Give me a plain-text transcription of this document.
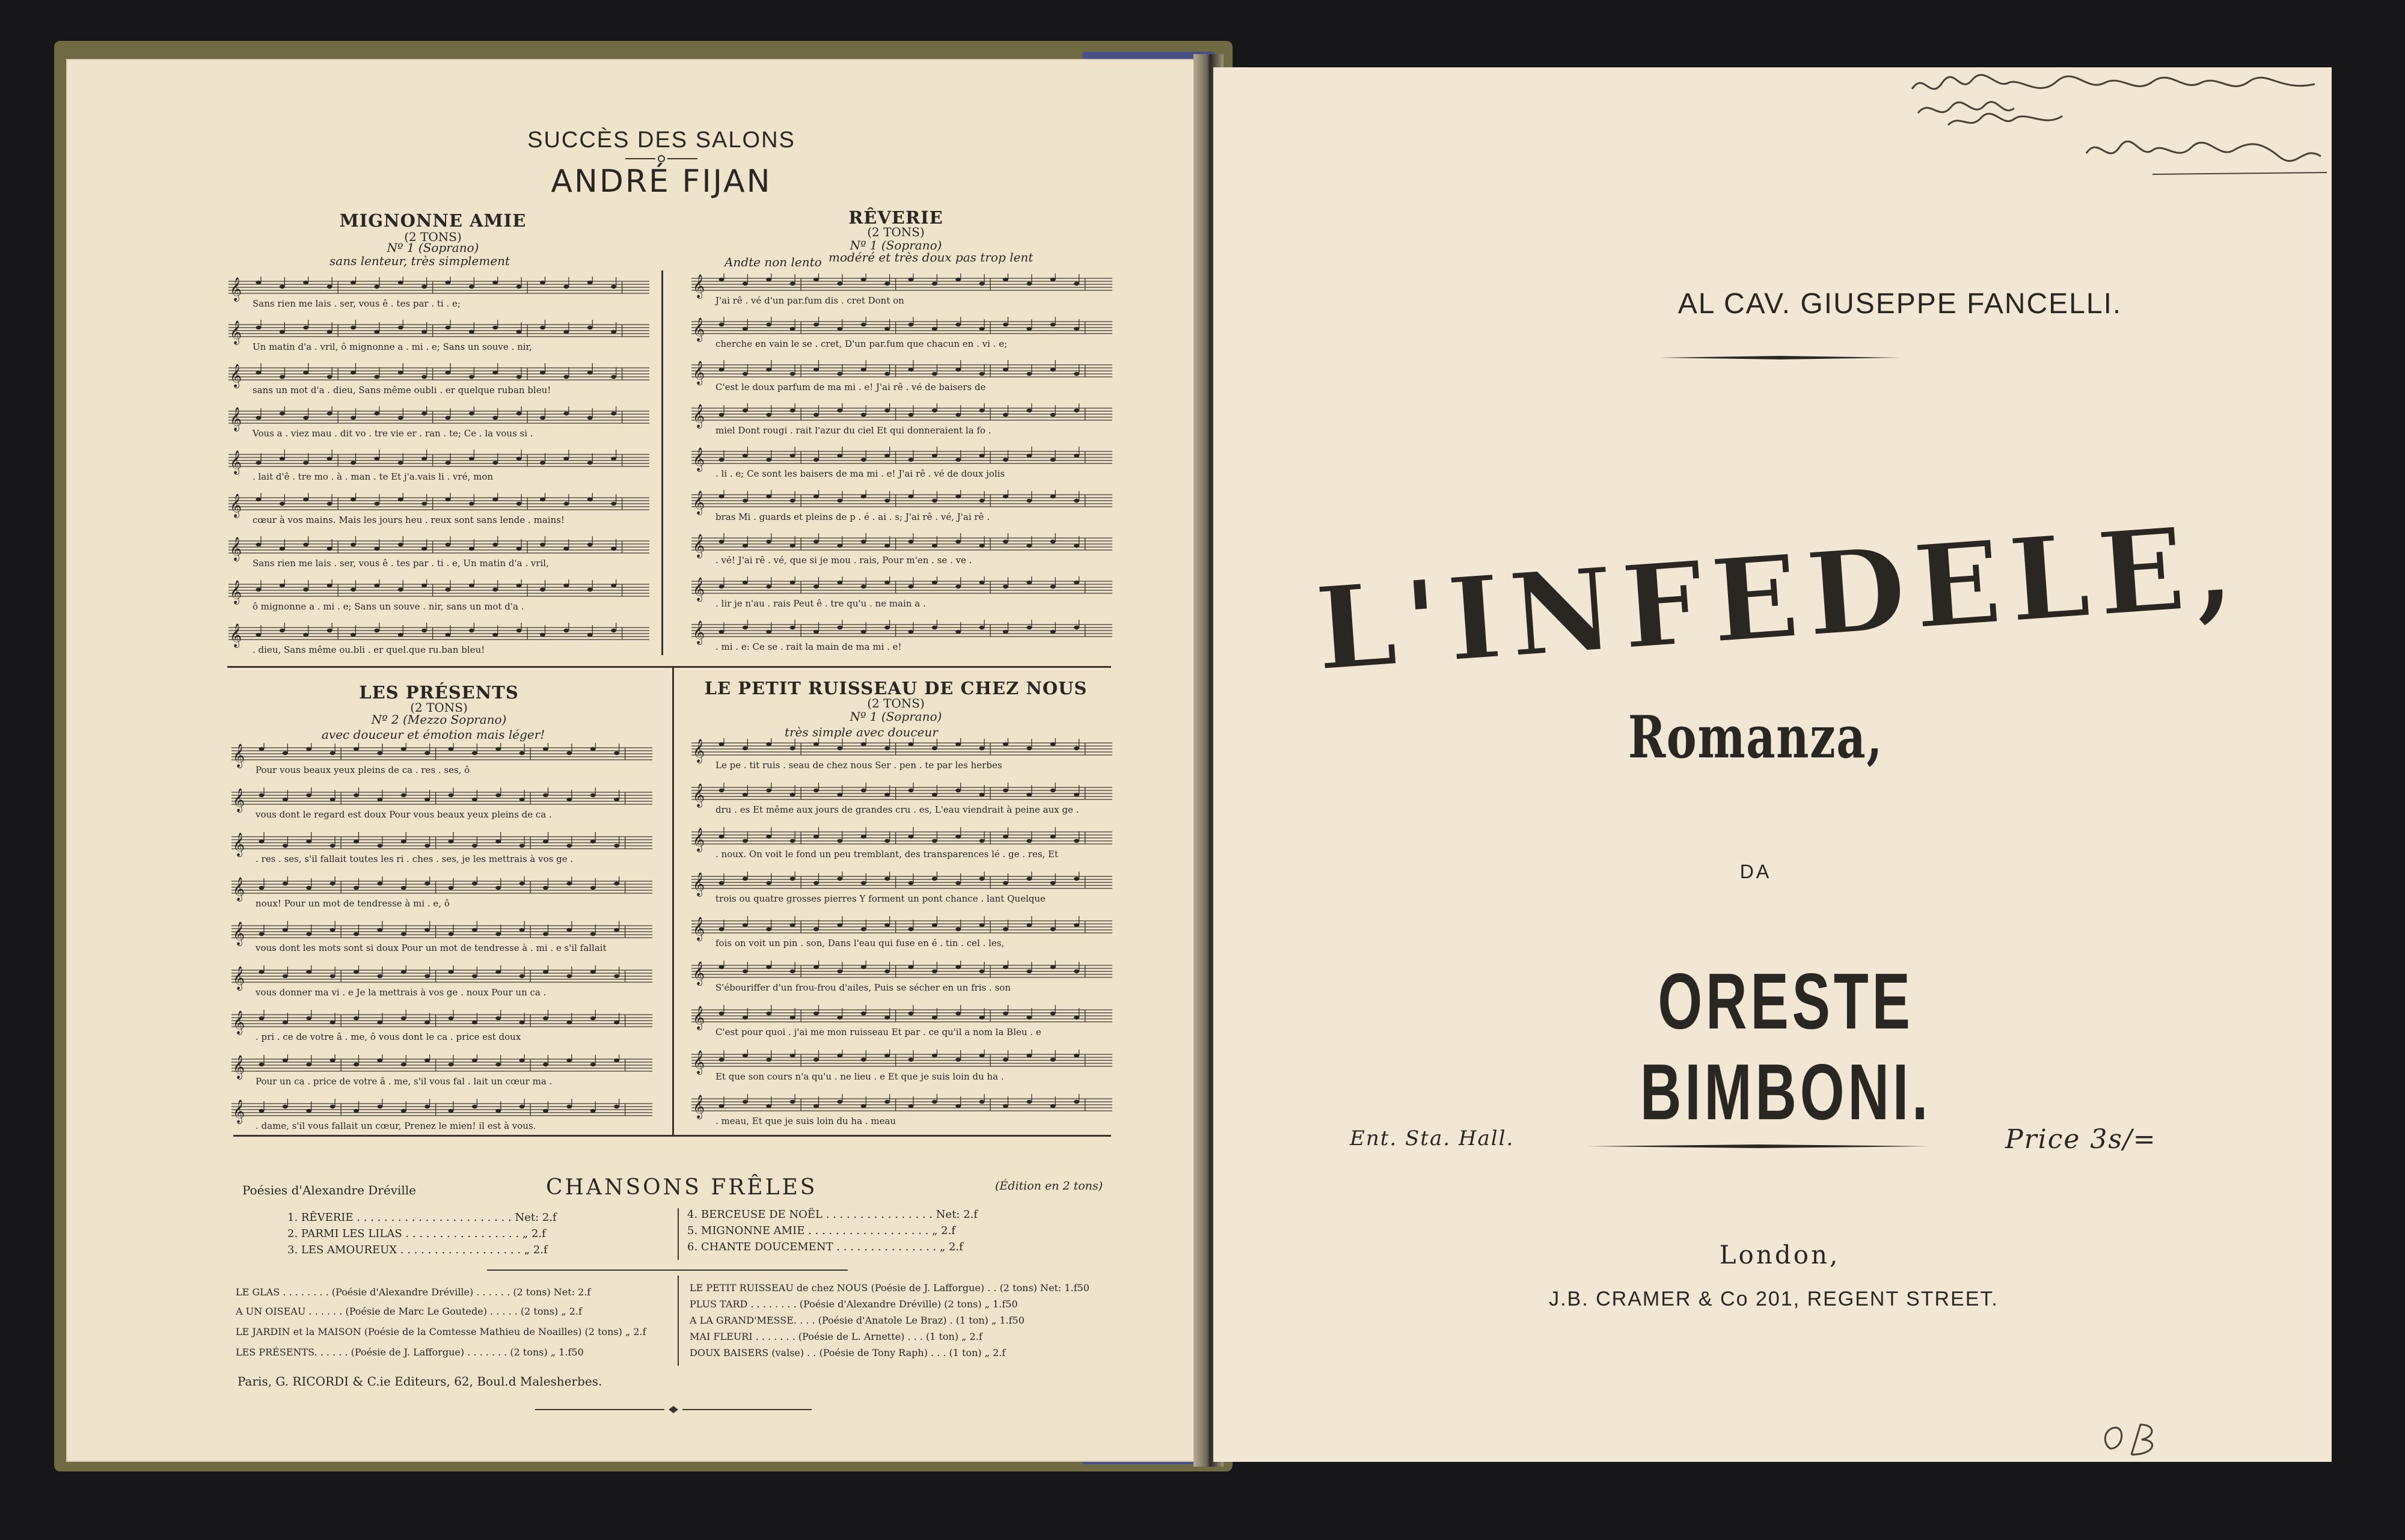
SUCCÈS DES SALONS
ANDRÉ FIJAN
MIGNONNE AMIE
(2 TONS)
Nº 1 (Soprano)
sans lenteur, très simplement
RÊVERIE
(2 TONS)
Nº 1 (Soprano)
modéré et très doux pas trop lent
Andte non lento
LES PRÉSENTS
(2 TONS)
Nº 2 (Mezzo Soprano)
avec douceur et émotion mais léger!
LE PETIT RUISSEAU DE CHEZ NOUS
(2 TONS)
Nº 1 (Soprano)
très simple avec douceur
𝄞
Sans rien me lais . ser, vous ê . tes par . ti . e;
𝄞
Un matin d'a . vril, ô mignonne a . mi . e; Sans un souve . nir,
𝄞
sans un mot d'a . dieu, Sans même oubli . er quelque ruban bleu!
𝄞
Vous a . viez mau . dit vo . tre vie er . ran . te; Ce . la vous si .
𝄞
. lait d'ê . tre mo . à . man . te Et j'a.vais li . vré, mon
𝄞
cœur à vos mains. Mais les jours heu . reux sont sans lende . mains!
𝄞
Sans rien me lais . ser, vous ê . tes par . ti . e, Un matin d'a . vril,
𝄞
ô mignonne a . mi . e; Sans un souve . nir, sans un mot d'a .
𝄞
. dieu, Sans même ou.bli . er quel.que ru.ban bleu!
𝄞
J'ai rê . vé d'un par.fum dis . cret Dont on
𝄞
cherche en vain le se . cret, D'un par.fum que chacun en . vi . e;
𝄞
C'est le doux parfum de ma mi . e! J'ai rê . vé de baisers de
𝄞
miel Dont rougi . rait l'azur du ciel Et qui donneraient la fo .
𝄞
. li . e; Ce sont les baisers de ma mi . e! J'ai rê . vé de doux jolis
𝄞
bras Mi . guards et pleins de p . é . ai . s; J'ai rê . vé, J'ai rê .
𝄞
. vé! J'ai rê . vé, que si je mou . rais, Pour m'en . se . ve .
𝄞
. lir je n'au . rais Peut ê . tre qu'u . ne main a .
𝄞
. mi . e: Ce se . rait la main de ma mi . e!
𝄞
Pour vous beaux yeux pleins de ca . res . ses, ô
𝄞
vous dont le regard est doux Pour vous beaux yeux pleins de ca .
𝄞
. res . ses, s'il fallait toutes les ri . ches . ses, je les mettrais à vos ge .
𝄞
noux! Pour un mot de tendresse à mi . e, ô
𝄞
vous dont les mots sont si doux Pour un mot de tendresse à . mi . e s'il fallait
𝄞
vous donner ma vi . e Je la mettrais à vos ge . noux Pour un ca .
𝄞
. pri . ce de votre â . me, ô vous dont le ca . price est doux
𝄞
Pour un ca . price de votre â . me, s'il vous fal . lait un cœur ma .
𝄞
. dame, s'il vous fallait un cœur, Prenez le mien! il est à vous.
𝄞
Le pe . tit ruis . seau de chez nous Ser . pen . te par les herbes
𝄞
dru . es Et même aux jours de grandes cru . es, L'eau viendrait à peine aux ge .
𝄞
. noux. On voit le fond un peu tremblant, des transparences lé . ge . res, Et
𝄞
trois ou quatre grosses pierres Y forment un pont chance . lant Quelque
𝄞
fois on voit un pin . son, Dans l'eau qui fuse en é . tin . cel . les,
𝄞
S'ébouriffer d'un frou-frou d'ailes, Puis se sécher en un fris . son
𝄞
C'est pour quoi . j'ai me mon ruisseau Et par . ce qu'il a nom la Bleu . e
𝄞
Et que son cours n'a qu'u . ne lieu . e Et que je suis loin du ha .
𝄞
. meau, Et que je suis loin du ha . meau
Poésies d'Alexandre Dréville	CHANSONS FRÊLES	(Édition en 2 tons)
1. RÊVERIE . . . . . . . . . . . . . . . . . . . . . . . Net: 2.f
2. PARMI LES LILAS . . . . . . . . . . . . . . . . . „ 2.f
3. LES AMOUREUX . . . . . . . . . . . . . . . . . . „ 2.f
4. BERCEUSE DE NOËL . . . . . . . . . . . . . . . . Net: 2.f
5. MIGNONNE AMIE . . . . . . . . . . . . . . . . . . „ 2.f
6. CHANTE DOUCEMENT . . . . . . . . . . . . . . . „ 2.f
LE GLAS . . . . . . . . (Poésie d'Alexandre Dréville) . . . . . . (2 tons) Net: 2.f
A UN OISEAU . . . . . . (Poésie de Marc Le Goutede) . . . . . (2 tons) „ 2.f
LE JARDIN et la MAISON (Poésie de la Comtesse Mathieu de Noailles) (2 tons) „ 2.f
LES PRÉSENTS. . . . . . (Poésie de J. Lafforgue) . . . . . . . (2 tons) „ 1.f50
LE PETIT RUISSEAU de chez NOUS (Poésie de J. Lafforgue) . . (2 tons) Net: 1.f50
PLUS TARD . . . . . . . . (Poésie d'Alexandre Dréville) (2 tons) „ 1.f50
A LA GRAND'MESSE. . . . (Poésie d'Anatole Le Braz) . (1 ton) „ 1.f50
MAI FLEURI . . . . . . . (Poésie de L. Arnette) . . . (1 ton) „ 2.f
DOUX BAISERS (valse) . . (Poésie de Tony Raph) . . . (1 ton) „ 2.f
Paris, G. RICORDI & C.ie Editeurs, 62, Boul.d Malesherbes.
AL CAV. GIUSEPPE FANCELLI.
L'INFEDELE,
Romanza,
DA
ORESTE BIMBONI.
Ent. Sta. Hall.	Price 3s/=
London,
J.B. CRAMER & Co 201, REGENT STREET.
